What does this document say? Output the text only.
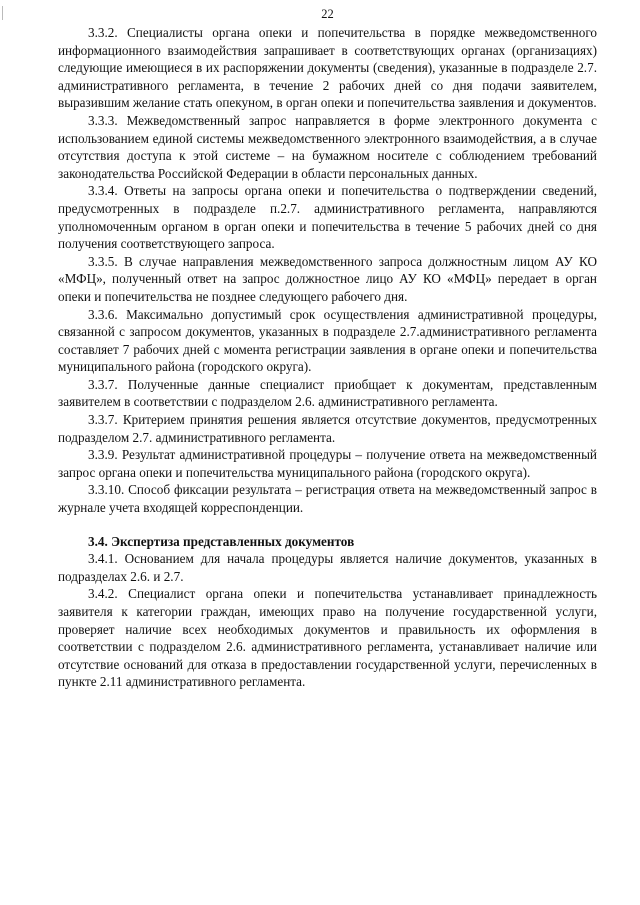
22

3.3.2. Специалисты органа опеки и попечительства в порядке межведомственного информационного взаимодействия запрашивает в соответствующих органах (организациях) следующие имеющиеся в их распоряжении документы (сведения), указанные в подразделе 2.7. административного регламента, в течение 2 рабочих дней со дня подачи заявителем, выразившим желание стать опекуном, в орган опеки и попечительства заявления и документов.

3.3.3. Межведомственный запрос направляется в форме электронного документа с использованием единой системы межведомственного электронного взаимодействия, а в случае отсутствия доступа к этой системе – на бумажном носителе с соблюдением требований законодательства Российской Федерации в области персональных данных.

3.3.4. Ответы на запросы органа опеки и попечительства о подтверждении сведений, предусмотренных в подразделе п.2.7. административного регламента, направляются уполномоченным органом в орган опеки и попечительства в течение 5 рабочих дней со дня получения соответствующего запроса.

3.3.5. В случае направления межведомственного запроса должностным лицом АУ КО «МФЦ», полученный ответ на запрос должностное лицо АУ КО «МФЦ» передает в орган опеки и попечительства не позднее следующего рабочего дня.

3.3.6. Максимально допустимый срок осуществления административной процедуры, связанной с запросом документов, указанных в подразделе 2.7.административного регламента составляет 7 рабочих дней с момента регистрации заявления в органе опеки и попечительства муниципального района (городского округа).

3.3.7. Полученные данные специалист приобщает к документам, представленным заявителем в соответствии с подразделом 2.6. административного регламента.

3.3.7. Критерием принятия решения является отсутствие документов, предусмотренных подразделом 2.7. административного регламента.

3.3.9. Результат административной процедуры – получение ответа на межведомственный запрос органа опеки и попечительства муниципального района (городского округа).

3.3.10. Способ фиксации результата – регистрация ответа на межведомственный запрос в журнале учета входящей корреспонденции.

3.4. Экспертиза представленных документов

3.4.1. Основанием для начала процедуры является наличие документов, указанных в подразделах 2.6. и 2.7.

3.4.2. Специалист органа опеки и попечительства устанавливает принадлежность заявителя к категории граждан, имеющих право на получение государственной услуги, проверяет наличие всех необходимых документов и правильность их оформления в соответствии с подразделом 2.6. административного регламента, устанавливает наличие или отсутствие оснований для отказа в предоставлении государственной услуги, перечисленных в пункте 2.11 административного регламента.
